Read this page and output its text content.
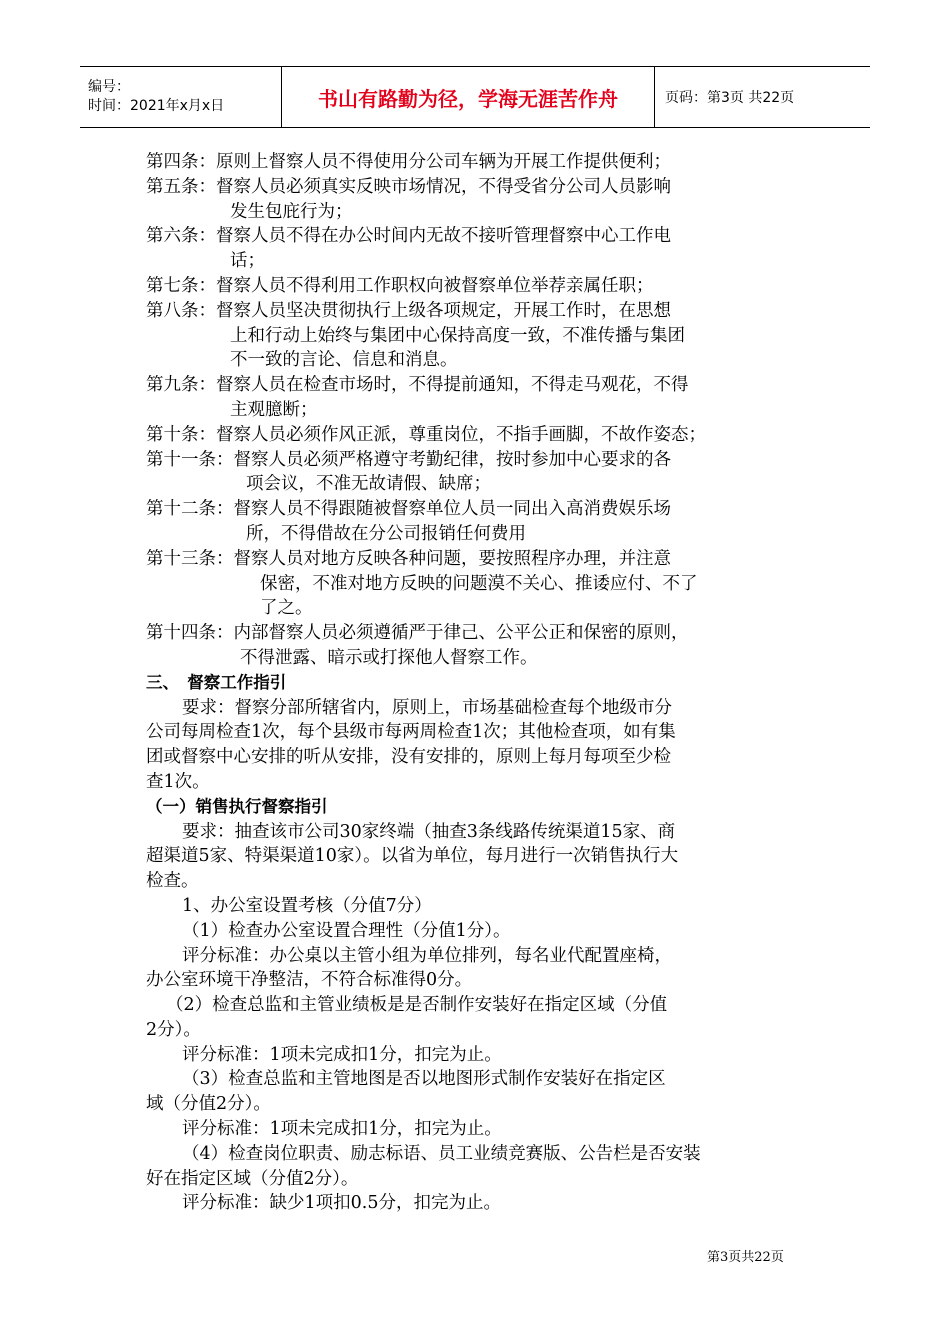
编号：
时间：2021年x月x日	书山有路勤为径，学海无涯苦作舟	页码：第3页 共22页
第四条：原则上督察人员不得使用分公司车辆为开展工作提供便利；
第五条：督察人员必须真实反映市场情况，不得受省分公司人员影响
发生包庇行为；
第六条：督察人员不得在办公时间内无故不接听管理督察中心工作电
话；
第七条：督察人员不得利用工作职权向被督察单位举荐亲属任职；
第八条：督察人员坚决贯彻执行上级各项规定，开展工作时，在思想
上和行动上始终与集团中心保持高度一致，不准传播与集团
不一致的言论、信息和消息。
第九条：督察人员在检查市场时，不得提前通知，不得走马观花，不得
主观臆断；
第十条：督察人员必须作风正派，尊重岗位，不指手画脚，不故作姿态；
第十一条：督察人员必须严格遵守考勤纪律，按时参加中心要求的各
项会议，不准无故请假、缺席；
第十二条：督察人员不得跟随被督察单位人员一同出入高消费娱乐场
所，不得借故在分公司报销任何费用
第十三条：督察人员对地方反映各种问题，要按照程序办理，并注意
保密，不准对地方反映的问题漠不关心、推诿应付、不了
了之。
第十四条：内部督察人员必须遵循严于律己、公平公正和保密的原则，
不得泄露、暗示或打探他人督察工作。
三、　督察工作指引
要求：督察分部所辖省内，原则上，市场基础检查每个地级市分
公司每周检查1次，每个县级市每两周检查1次；其他检查项，如有集
团或督察中心安排的听从安排，没有安排的，原则上每月每项至少检
查1次。
（一）销售执行督察指引
要求：抽查该市公司30家终端（抽查3条线路传统渠道15家、商
超渠道5家、特渠渠道10家）。以省为单位，每月进行一次销售执行大
检查。
1、办公室设置考核（分值7分）
（1）检查办公室设置合理性（分值1分）。
评分标准：办公桌以主管小组为单位排列，每名业代配置座椅，
办公室环境干净整洁，不符合标准得0分。
（2）检查总监和主管业绩板是是否制作安装好在指定区域（分值
2分）。
评分标准：1项未完成扣1分，扣完为止。
（3）检查总监和主管地图是否以地图形式制作安装好在指定区
域（分值2分）。
评分标准：1项未完成扣1分，扣完为止。
（4）检查岗位职责、励志标语、员工业绩竞赛版、公告栏是否安装
好在指定区域（分值2分）。
评分标准：缺少1项扣0.5分，扣完为止。
第3页共22页
